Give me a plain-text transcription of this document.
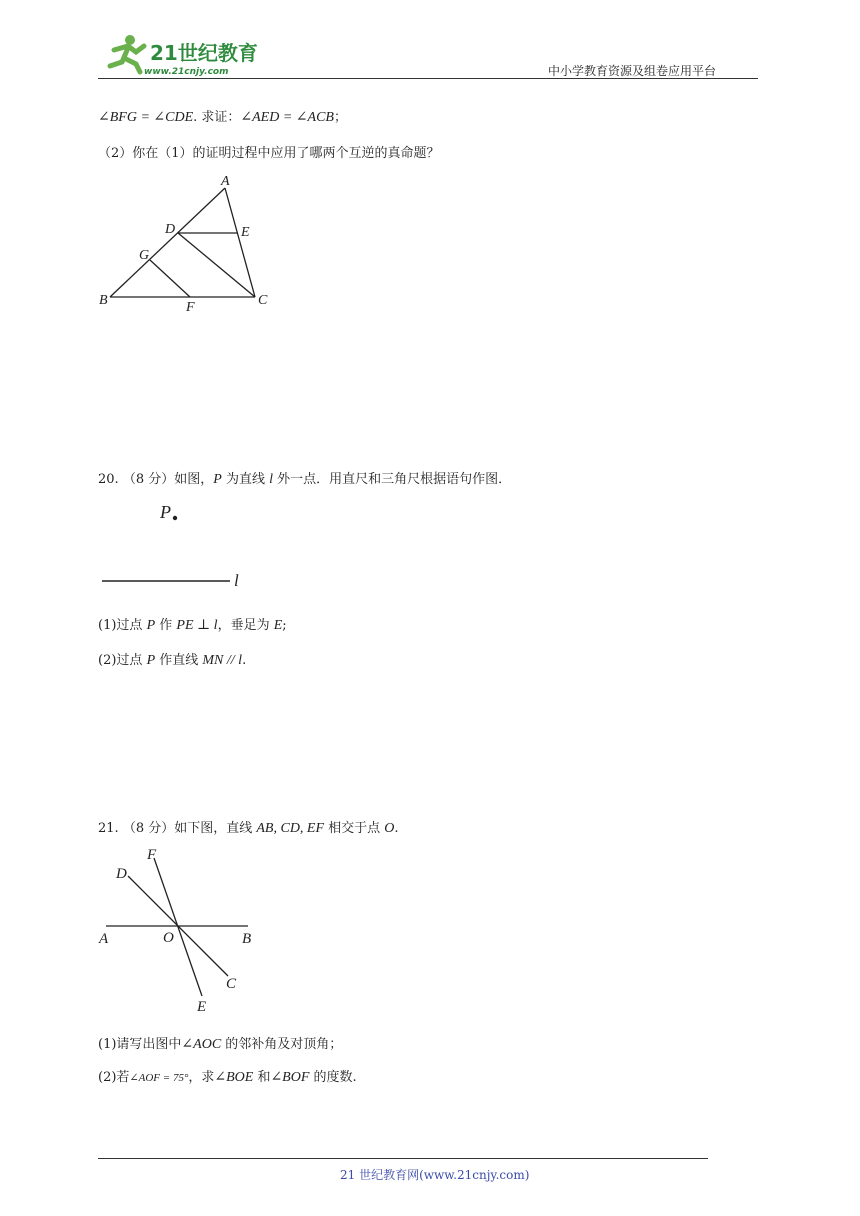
21世纪教育
www.21cnjy.com	中小学教育资源及组卷应用平台
∠BFG = ∠CDE. 求证：∠AED = ∠ACB；
（2）你在（1）的证明过程中应用了哪两个互逆的真命题？
A
D	E
G
B	F	C
20. （8 分）如图，P 为直线 l 外一点．用直尺和三角尺根据语句作图．
P
l
(1)过点 P 作 PE ⊥ l，垂足为 E;
(2)过点 P 作直线 MN // l.
21. （8 分）如下图，直线 AB, CD, EF 相交于点 O.
F
D
A	O	B
C
E
(1)请写出图中∠AOC 的邻补角及对顶角；
(2)若∠AOF = 75°，求∠BOE 和∠BOF 的度数.
21 世纪教育网(www.21cnjy.com)
